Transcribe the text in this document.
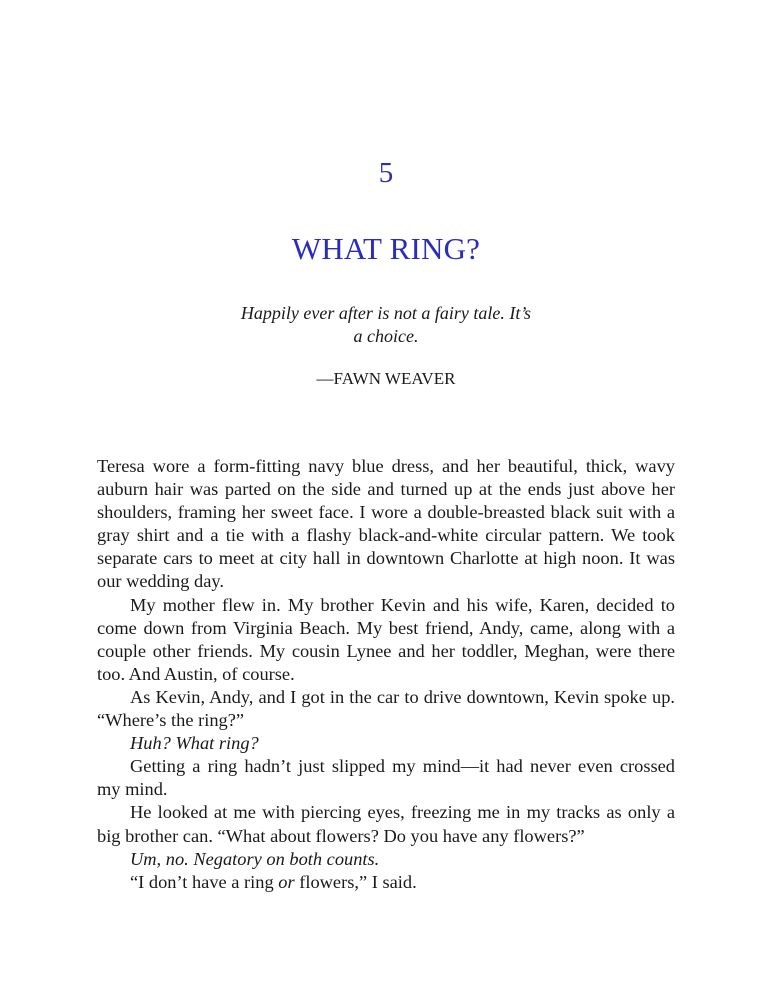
5
WHAT RING?
Happily ever after is not a fairy tale. It’s
a choice.
—FAWN WEAVER

Teresa wore a form-fitting navy blue dress, and her beautiful, thick, wavy auburn hair was parted on the side and turned up at the ends just above her shoulders, framing her sweet face. I wore a double-breasted black suit with a gray shirt and a tie with a flashy black-and-white circular pattern. We took separate cars to meet at city hall in downtown Charlotte at high noon. It was our wedding day.

My mother flew in. My brother Kevin and his wife, Karen, decided to come down from Virginia Beach. My best friend, Andy, came, along with a couple other friends. My cousin Lynee and her toddler, Meghan, were there too. And Austin, of course.

As Kevin, Andy, and I got in the car to drive downtown, Kevin spoke up. “Where’s the ring?”

Huh? What ring?

Getting a ring hadn’t just slipped my mind—it had never even crossed my mind.

He looked at me with piercing eyes, freezing me in my tracks as only a big brother can. “What about flowers? Do you have any flowers?”

Um, no. Negatory on both counts.

“I don’t have a ring or flowers,” I said.
